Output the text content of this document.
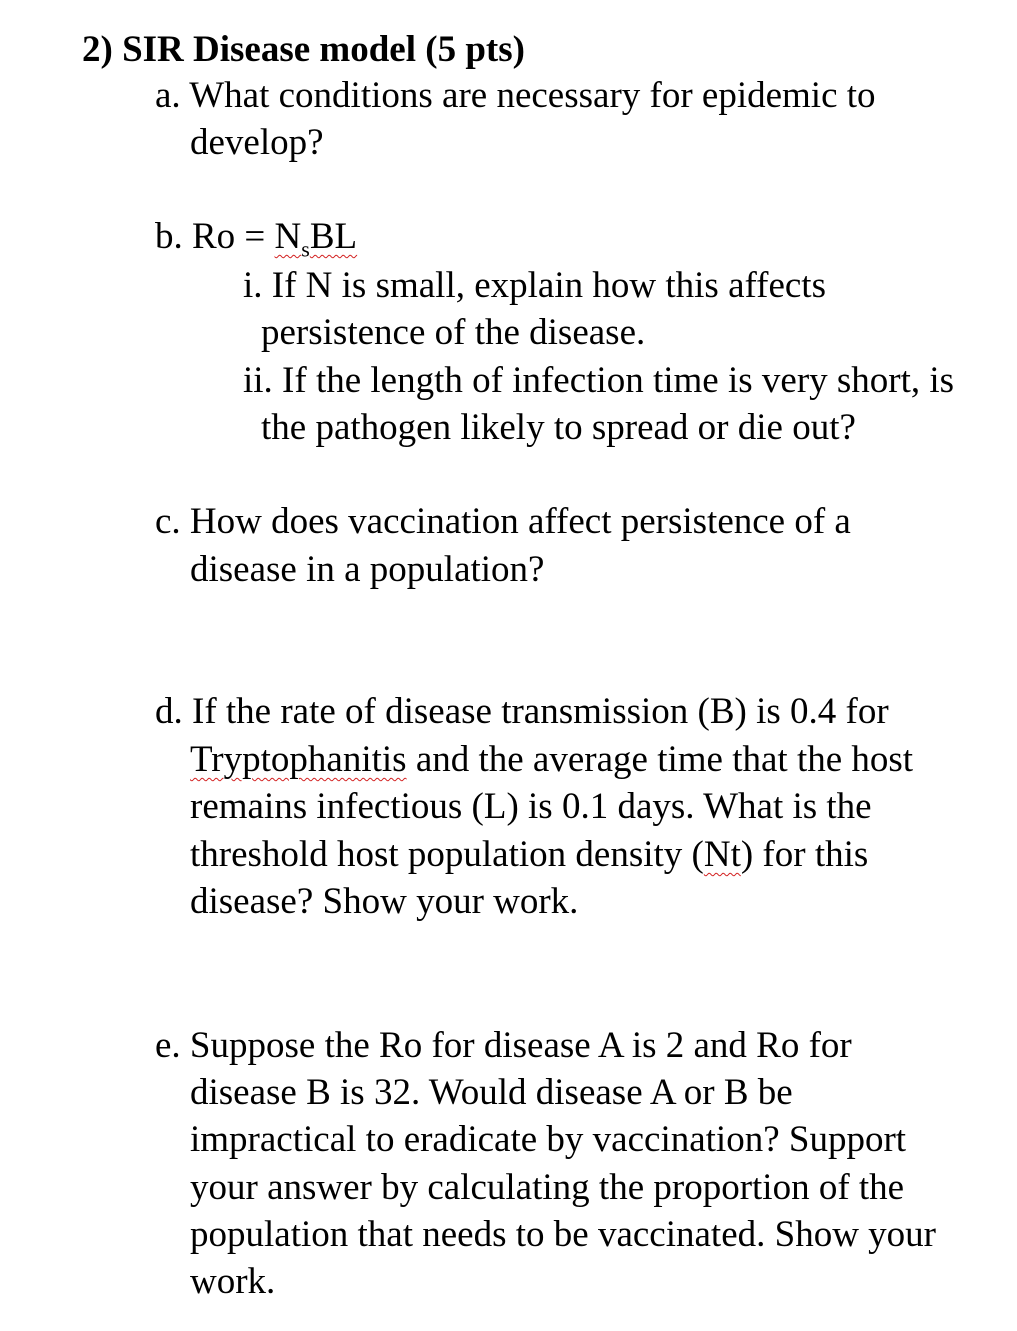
2) SIR Disease model (5 pts)
a. What conditions are necessary for epidemic to
develop?
b. $Ro = N_sBL$
i. If N is small, explain how this affects
persistence of the disease.
ii. If the length of infection time is very short, is
the pathogen likely to spread or die out?
c. How does vaccination affect persistence of a
disease in a population?
d. If the rate of disease transmission (B) is 0.4 for
Tryptophanitis and the average time that the host
remains infectious (L) is 0.1 days. What is the
threshold host population density (Nt) for this
disease? Show your work.
e. Suppose the Ro for disease A is 2 and Ro for
disease B is 32. Would disease A or B be
impractical to eradicate by vaccination? Support
your answer by calculating the proportion of the
population that needs to be vaccinated. Show your
work.
